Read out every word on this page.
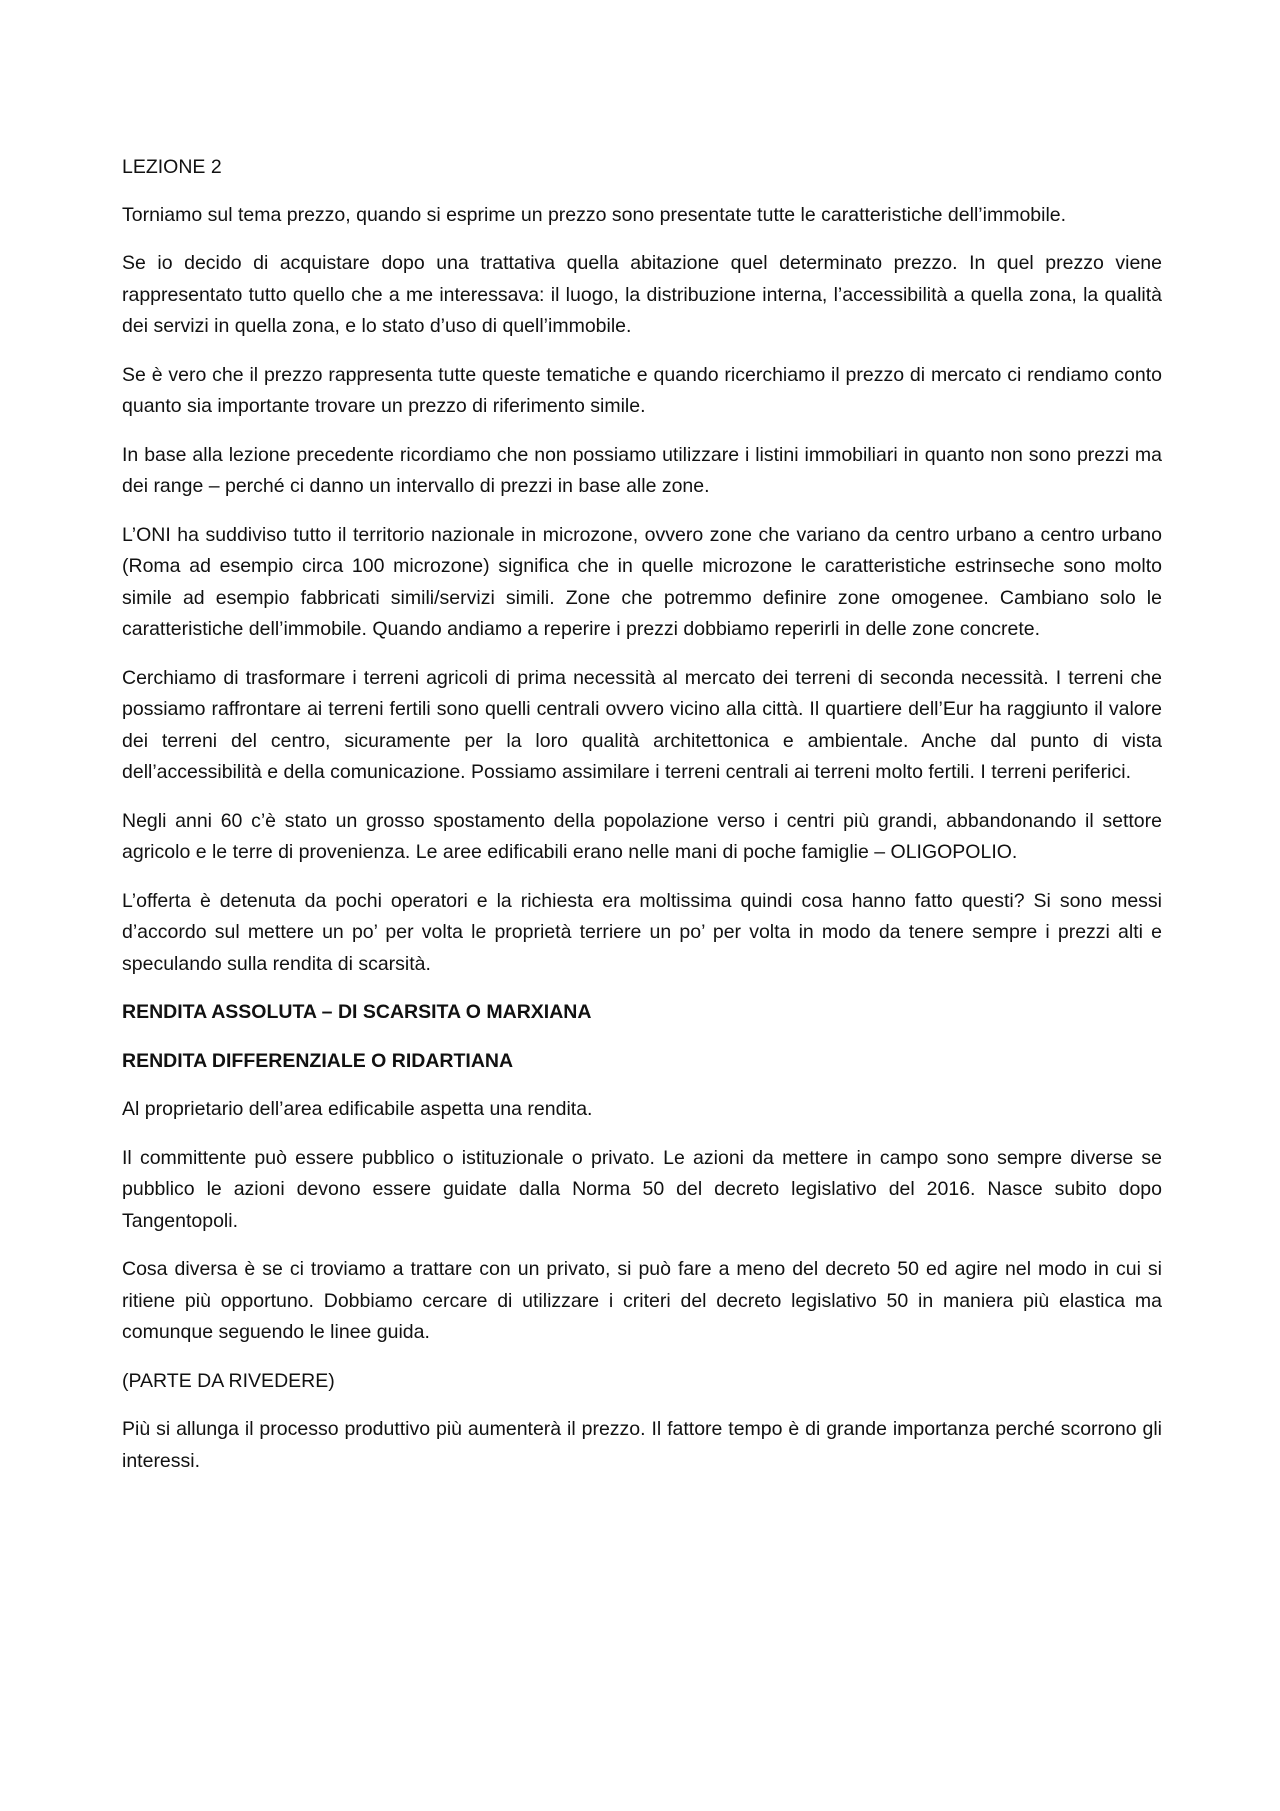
LEZIONE 2

Torniamo sul tema prezzo, quando si esprime un prezzo sono presentate tutte le caratteristiche dell’immobile.

Se io decido di acquistare dopo una trattativa quella abitazione quel determinato prezzo. In quel prezzo viene rappresentato tutto quello che a me interessava: il luogo, la distribuzione interna, l’accessibilità a quella zona, la qualità dei servizi in quella zona, e lo stato d’uso di quell’immobile.

Se è vero che il prezzo rappresenta tutte queste tematiche e quando ricerchiamo il prezzo di mercato ci rendiamo conto quanto sia importante trovare un prezzo di riferimento simile.

In base alla lezione precedente ricordiamo che non possiamo utilizzare i listini immobiliari in quanto non sono prezzi ma dei range – perché ci danno un intervallo di prezzi in base alle zone.

L’ONI ha suddiviso tutto il territorio nazionale in microzone, ovvero zone che variano da centro urbano a centro urbano (Roma ad esempio circa 100 microzone) significa che in quelle microzone le caratteristiche estrinseche sono molto simile ad esempio fabbricati simili/servizi simili. Zone che potremmo definire zone omogenee. Cambiano solo le caratteristiche dell’immobile. Quando andiamo a reperire i prezzi dobbiamo reperirli in delle zone concrete.

Cerchiamo di trasformare i terreni agricoli di prima necessità al mercato dei terreni di seconda necessità. I terreni che possiamo raffrontare ai terreni fertili sono quelli centrali ovvero vicino alla città. Il quartiere dell’Eur ha raggiunto il valore dei terreni del centro, sicuramente per la loro qualità architettonica e ambientale. Anche dal punto di vista dell’accessibilità e della comunicazione. Possiamo assimilare i terreni centrali ai terreni molto fertili. I terreni periferici.

Negli anni 60 c’è stato un grosso spostamento della popolazione verso i centri più grandi, abbandonando il settore agricolo e le terre di provenienza. Le aree edificabili erano nelle mani di poche famiglie – OLIGOPOLIO.

L’offerta è detenuta da pochi operatori e la richiesta era moltissima quindi cosa hanno fatto questi? Si sono messi d’accordo sul mettere un po’ per volta le proprietà terriere un po’ per volta in modo da tenere sempre i prezzi alti e speculando sulla rendita di scarsità.

RENDITA ASSOLUTA – DI SCARSITA O MARXIANA

RENDITA DIFFERENZIALE O RIDARTIANA

Al proprietario dell’area edificabile aspetta una rendita.

Il committente può essere pubblico o istituzionale o privato. Le azioni da mettere in campo sono sempre diverse se pubblico le azioni devono essere guidate dalla Norma 50 del decreto legislativo del 2016. Nasce subito dopo Tangentopoli.

Cosa diversa è se ci troviamo a trattare con un privato, si può fare a meno del decreto 50 ed agire nel modo in cui si ritiene più opportuno. Dobbiamo cercare di utilizzare i criteri del decreto legislativo 50 in maniera più elastica ma comunque seguendo le linee guida.

(PARTE DA RIVEDERE)

Più si allunga il processo produttivo più aumenterà il prezzo. Il fattore tempo è di grande importanza perché scorrono gli interessi.
